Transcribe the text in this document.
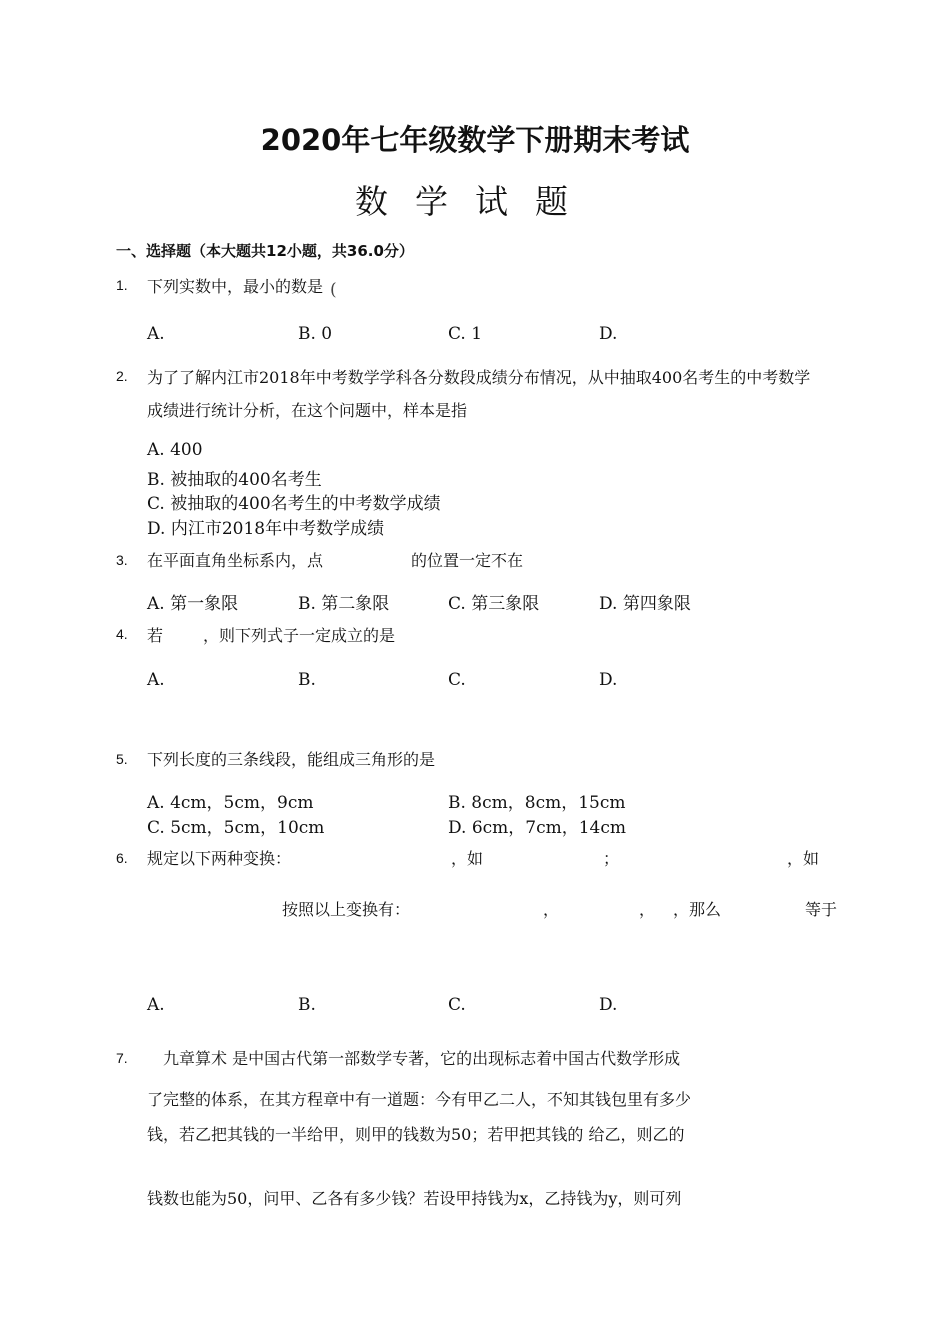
2020年七年级数学下册期末考试
数学试题
一、选择题（本大题共12小题，共36.0分）
1. 下列实数中，最小的数是 (
A.	B. 0	C. 1	D.
2. 为了了解内江市2018年中考数学学科各分数段成绩分布情况，从中抽取400名考生的中考数学
成绩进行统计分析，在这个问题中，样本是指
A. 400
B. 被抽取的400名考生
C. 被抽取的400名考生的中考数学成绩
D. 内江市2018年中考数学成绩
3. 在平面直角坐标系内，点	的位置一定不在
A. 第一象限	B. 第二象限	C. 第三象限	D. 第四象限
4. 若 ，则下列式子一定成立的是
A.	B.	C.	D.
5. 下列长度的三条线段，能组成三角形的是
A. 4cm，5cm，9cm	B. 8cm，8cm，15cm
C. 5cm，5cm，10cm	D. 6cm，7cm，14cm
6. 规定以下两种变换：	，如	；	，如
按照以上变换有：	，	， ，那么	等于
A.	B.	C.	D.
7. 九章算术 是中国古代第一部数学专著，它的出现标志着中国古代数学形成
了完整的体系，在其方程章中有一道题：今有甲乙二人，不知其钱包里有多少
钱，若乙把其钱的一半给甲，则甲的钱数为50；若甲把其钱的 给乙，则乙的
钱数也能为50，问甲、乙各有多少钱？若设甲持钱为x，乙持钱为y，则可列
